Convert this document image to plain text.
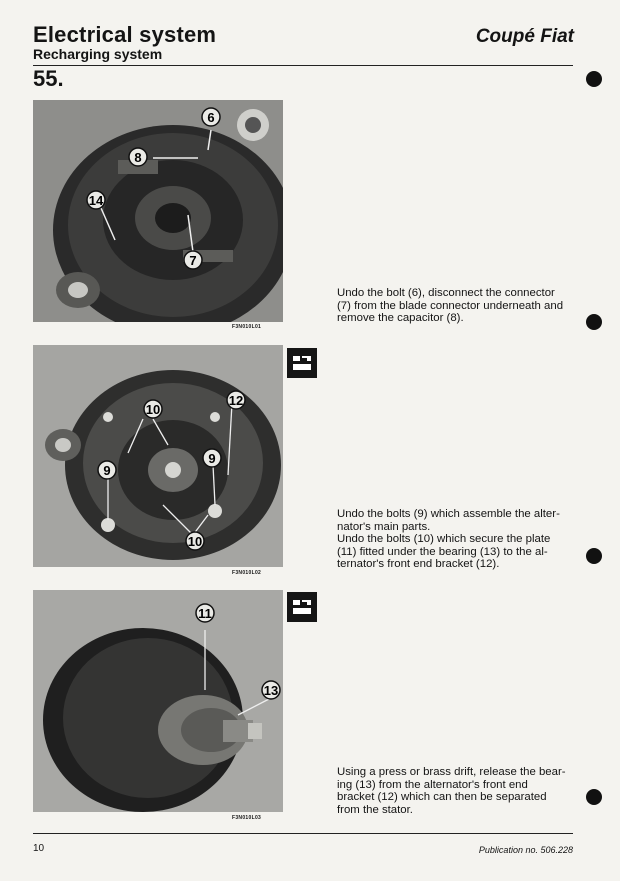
Electrical system
Recharging system
Coupé Fiat
55.
6
8
14
7
F3N010L01
Undo the bolt (6), disconnect the connector
(7) from the blade connector underneath and
remove the capacitor (8).
10
12
9
9
10
F3N010L02
Undo the bolts (9) which assemble the alter-
nator's main parts.
Undo the bolts (10) which secure the plate
(11) fitted under the bearing (13) to the al-
ternator's front end bracket (12).
11
13
F3N010L03
Using a press or brass drift, release the bear-
ing (13) from the alternator's front end
bracket (12) which can then be separated
from the stator.
10	Publication no. 506.228
